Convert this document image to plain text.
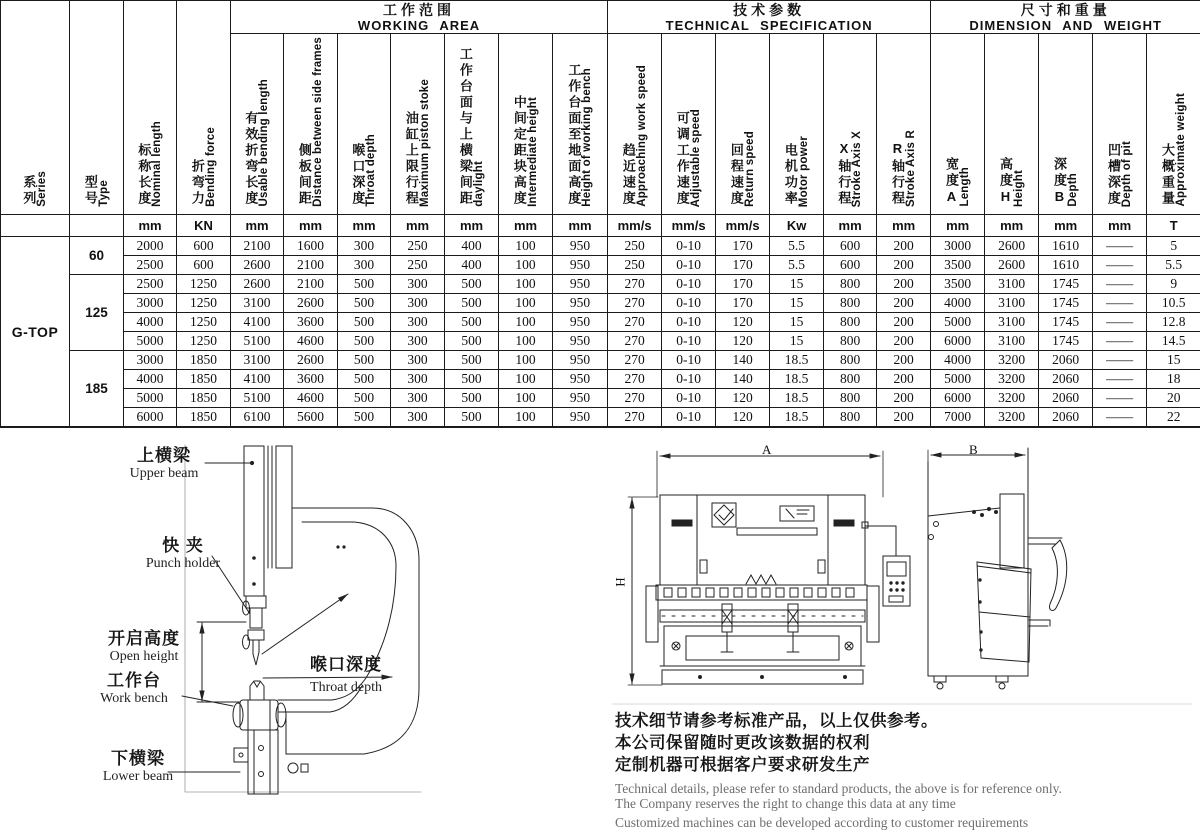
系列 Series	型号 Type	标称长度 Nominal length	折弯力 Bending force

工作范围
WORKING AREA

技术参数
TECHNICAL SPECIFICATION

尺寸和重量
DIMENSION AND WEIGHT

				有效折弯长度 Usable bending length	侧板间距 Distance between side frames	喉口深度 Throat depth	油缸上限行程 Maximum piston stoke	工作台面与上横梁间距 daylight	中间定距块高度 Intermediate height	工作台面至地面高度 Height of working bench	趋近速度 Approaching work speed	可调工作速度 Adjustable speed	回程速度 Return speed	电机功率 Motor power	X轴行程 Stroke Axis X	R轴行程 Stroke Axis R	宽度A Length	高度H Height	深度B Depth	凹槽深度 Depth of pit	大概重量 Approximate weight

		mm	KN	mm	mm	mm	mm	mm	mm	mm	mm/s	mm/s	mm/s	Kw	mm	mm	mm	mm	mm	mm	T
G-TOP	60	2000	600	2100	1600	300	250	400	100	950	250	0-10	170	5.5	600	200	3000	2600	1610	——	5
		2500	600	2600	2100	300	250	400	100	950	250	0-10	170	5.5	600	200	3500	2600	1610	——	5.5
	125	2500	1250	2600	2100	500	300	500	100	950	270	0-10	170	15	800	200	3500	3100	1745	——	9
		3000	1250	3100	2600	500	300	500	100	950	270	0-10	170	15	800	200	4000	3100	1745	——	10.5
		4000	1250	4100	3600	500	300	500	100	950	270	0-10	120	15	800	200	5000	3100	1745	——	12.8
		5000	1250	5100	4600	500	300	500	100	950	270	0-10	120	15	800	200	6000	3100	1745	——	14.5
	185	3000	1850	3100	2600	500	300	500	100	950	270	0-10	140	18.5	800	200	4000	3200	2060	——	15
		4000	1850	4100	3600	500	300	500	100	950	270	0-10	140	18.5	800	200	5000	3200	2060	——	18
		5000	1850	5100	4600	500	300	500	100	950	270	0-10	120	18.5	800	200	6000	3200	2060	——	20
		6000	1850	6100	5600	500	300	500	100	950	270	0-10	120	18.5	800	200	7000	3200	2060	——	22
上横梁
Upper beam
快 夹
Punch holder
开启高度
Open height
工作台
Work bench
下横梁
Lower beam
喉口深度
Throat depth
A	B
H
技术细节请参考标准产品，以上仅供参考。
本公司保留随时更改该数据的权利
定制机器可根据客户要求研发生产
Technical details, please refer to standard products, the above is for reference only.
The Company reserves the right to change this data at any time
Customized machines can be developed according to customer requirements
